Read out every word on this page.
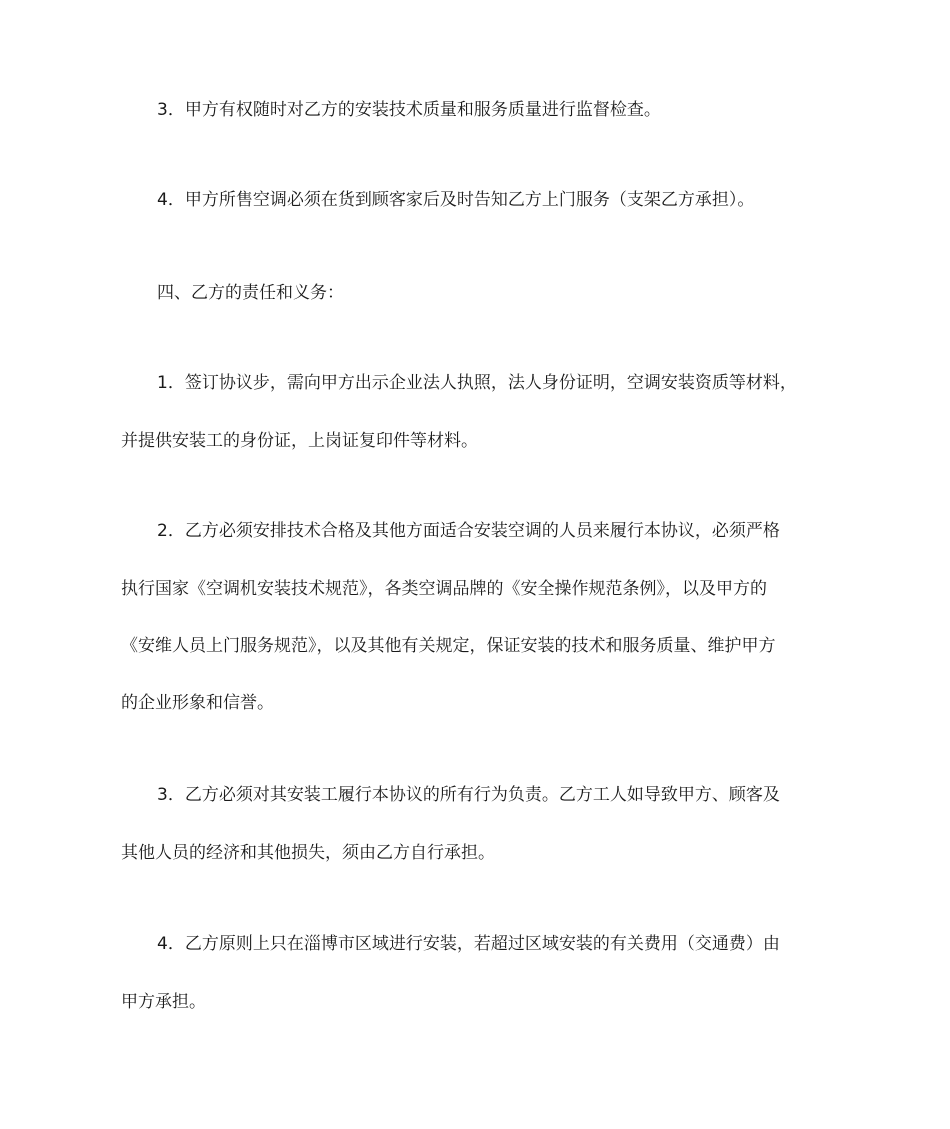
3．甲方有权随时对乙方的安装技术质量和服务质量进行监督检查。
4．甲方所售空调必须在货到顾客家后及时告知乙方上门服务（支架乙方承担）。
四、乙方的责任和义务：
1．签订协议步，需向甲方出示企业法人执照，法人身份证明，空调安装资质等材料，
并提供安装工的身份证，上岗证复印件等材料。
2．乙方必须安排技术合格及其他方面适合安装空调的人员来履行本协议，必须严格
执行国家《空调机安装技术规范》，各类空调品牌的《安全操作规范条例》，以及甲方的
《安维人员上门服务规范》，以及其他有关规定，保证安装的技术和服务质量、维护甲方
的企业形象和信誉。
3．乙方必须对其安装工履行本协议的所有行为负责。乙方工人如导致甲方、顾客及
其他人员的经济和其他损失，须由乙方自行承担。
4．乙方原则上只在淄博市区域进行安装，若超过区域安装的有关费用（交通费）由
甲方承担。
